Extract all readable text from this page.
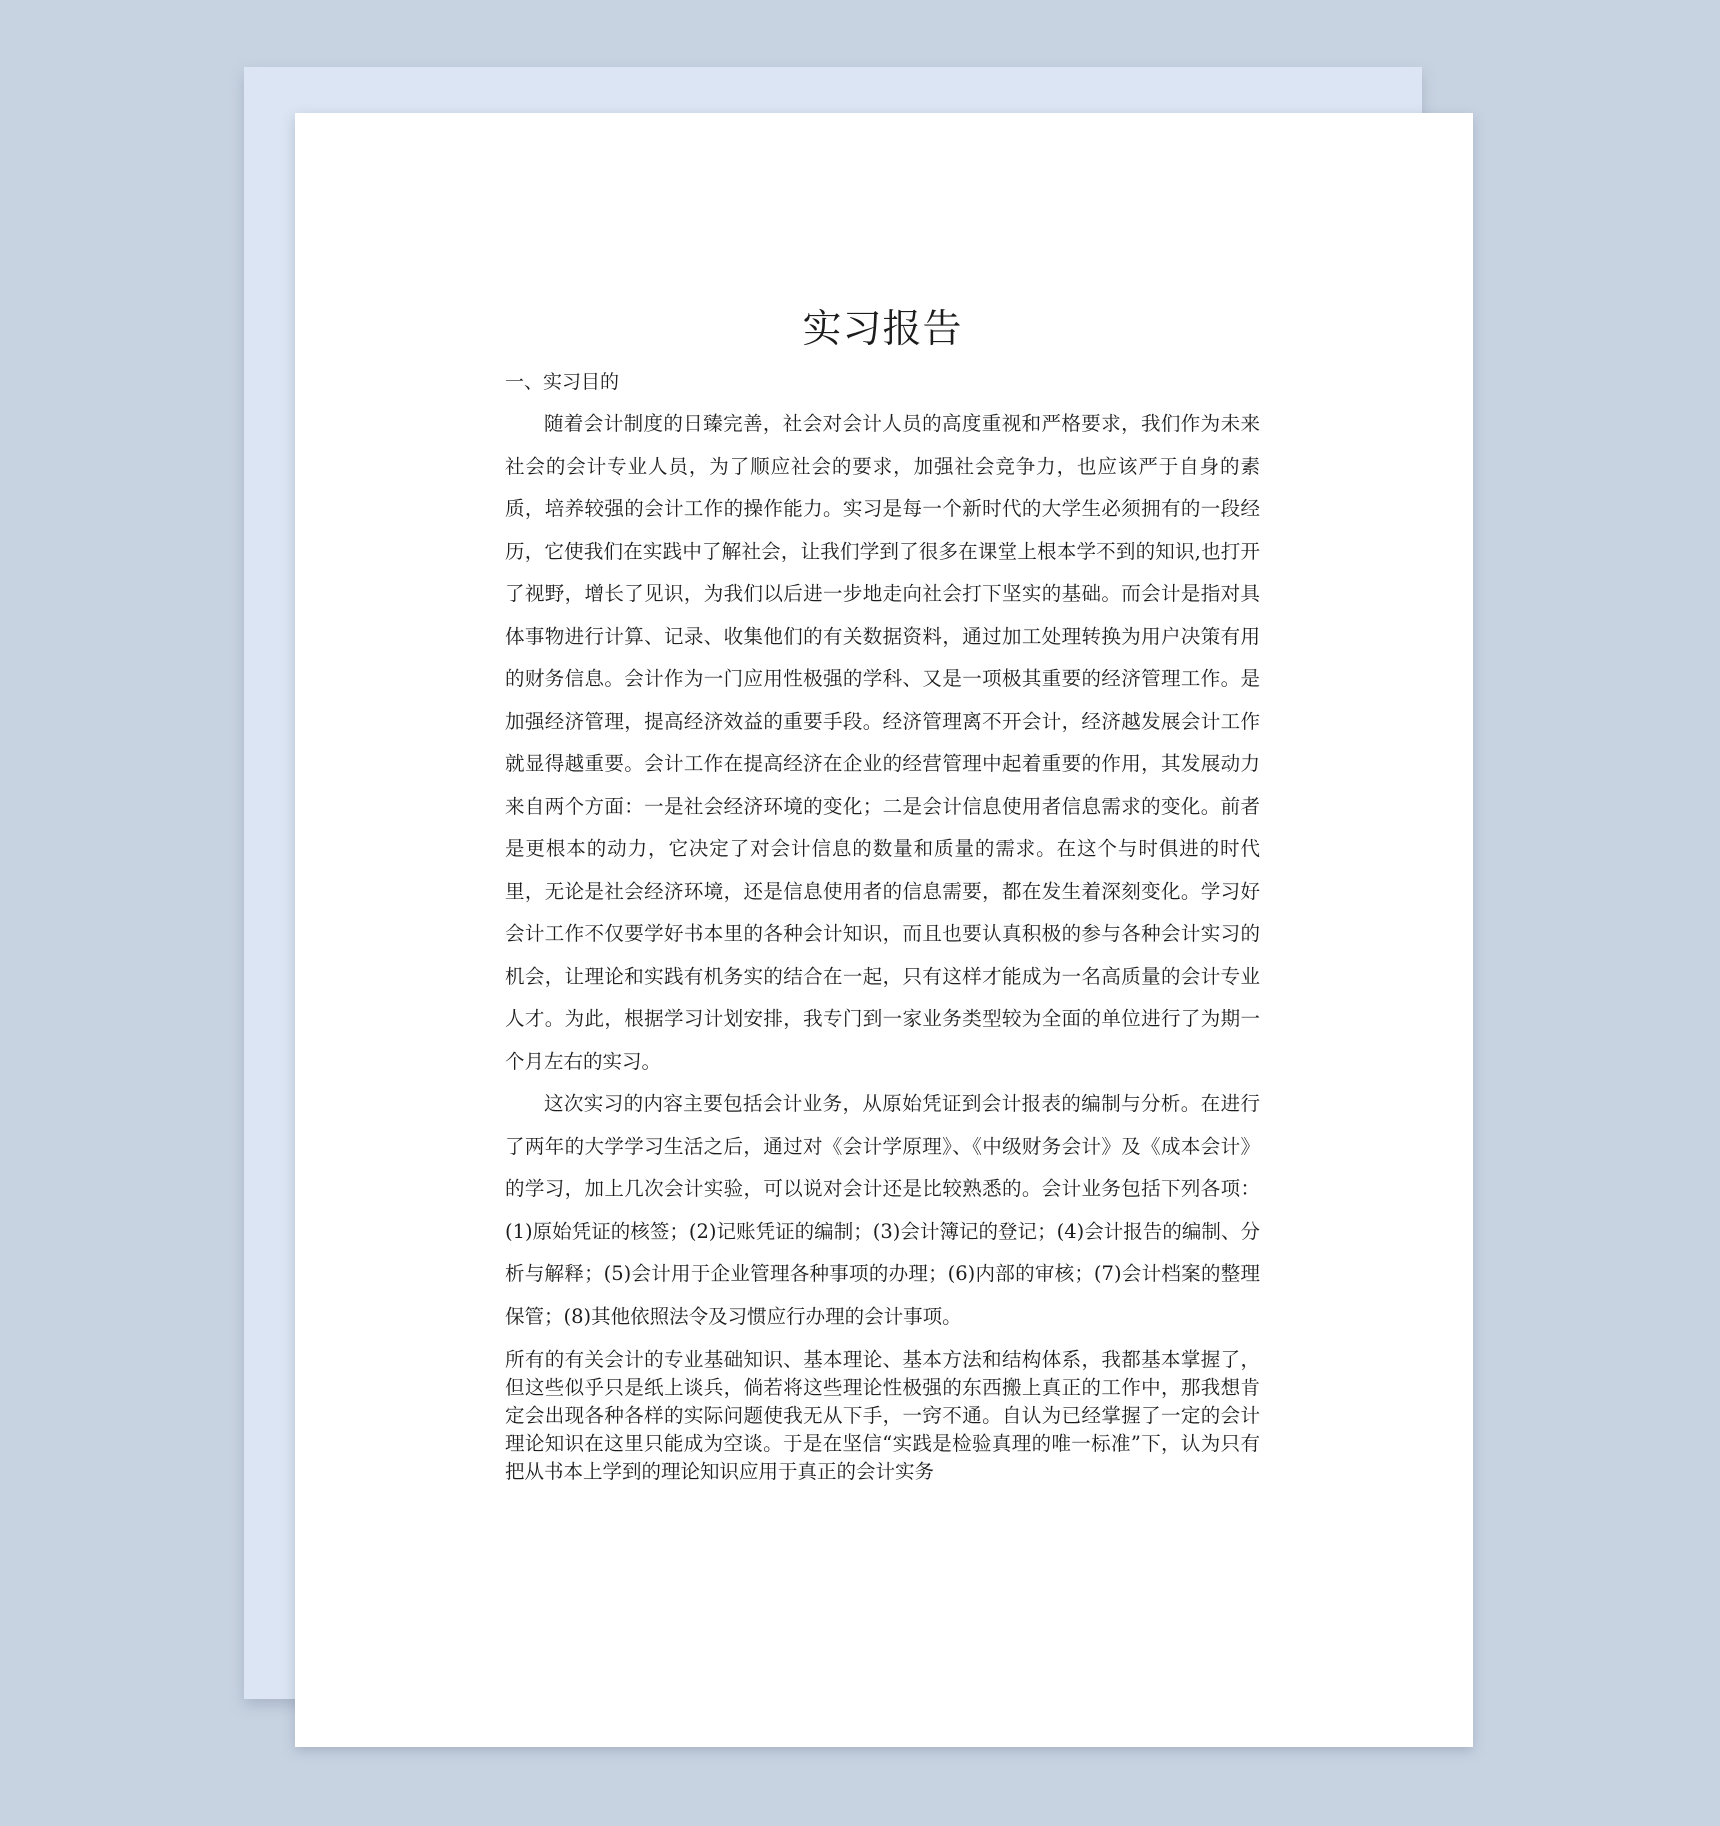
实习报告
一、实习目的

随着会计制度的日臻完善，社会对会计人员的高度重视和严格要求，我们作为未来社会的会计专业人员，为了顺应社会的要求，加强社会竞争力，也应该严于自身的素质，培养较强的会计工作的操作能力。实习是每一个新时代的大学生必须拥有的一段经历，它使我们在实践中了解社会，让我们学到了很多在课堂上根本学不到的知识,也打开了视野，增长了见识，为我们以后进一步地走向社会打下坚实的基础。而会计是指对具体事物进行计算、记录、收集他们的有关数据资料，通过加工处理转换为用户决策有用的财务信息。会计作为一门应用性极强的学科、又是一项极其重要的经济管理工作。是加强经济管理，提高经济效益的重要手段。经济管理离不开会计，经济越发展会计工作就显得越重要。会计工作在提高经济在企业的经营管理中起着重要的作用，其发展动力来自两个方面：一是社会经济环境的变化；二是会计信息使用者信息需求的变化。前者是更根本的动力，它决定了对会计信息的数量和质量的需求。在这个与时俱进的时代里，无论是社会经济环境，还是信息使用者的信息需要，都在发生着深刻变化。学习好会计工作不仅要学好书本里的各种会计知识，而且也要认真积极的参与各种会计实习的机会，让理论和实践有机务实的结合在一起，只有这样才能成为一名高质量的会计专业人才。为此，根据学习计划安排，我专门到一家业务类型较为全面的单位进行了为期一个月左右的实习。

这次实习的内容主要包括会计业务，从原始凭证到会计报表的编制与分析。在进行了两年的大学学习生活之后，通过对《会计学原理》、《中级财务会计》及《成本会计》的学习，加上几次会计实验，可以说对会计还是比较熟悉的。会计业务包括下列各项：(1)原始凭证的核签；(2)记账凭证的编制；(3)会计簿记的登记；(4)会计报告的编制、分析与解释；(5)会计用于企业管理各种事项的办理；(6)内部的审核；(7)会计档案的整理保管；(8)其他依照法令及习惯应行办理的会计事项。

所有的有关会计的专业基础知识、基本理论、基本方法和结构体系，我都基本掌握了，但这些似乎只是纸上谈兵，倘若将这些理论性极强的东西搬上真正的工作中，那我想肯定会出现各种各样的实际问题使我无从下手，一窍不通。自认为已经掌握了一定的会计理论知识在这里只能成为空谈。于是在坚信“实践是检验真理的唯一标准”下，认为只有把从书本上学到的理论知识应用于真正的会计实务
